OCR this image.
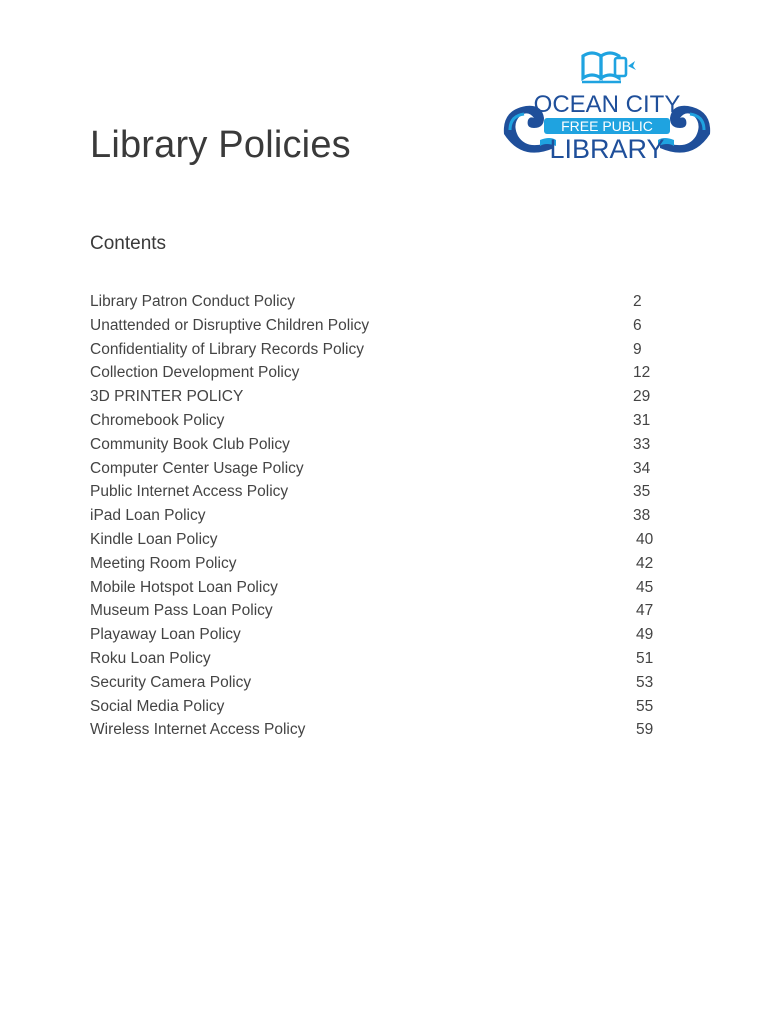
Library Policies
OCEAN CITY
FREE PUBLIC
LIBRARY
Contents
Library Patron Conduct Policy	2
Unattended or Disruptive Children Policy	6
Confidentiality of Library Records Policy	9
Collection Development Policy	12
3D PRINTER POLICY	29
Chromebook Policy	31
Community Book Club Policy	33
Computer Center Usage Policy	34
Public Internet Access Policy	35
iPad Loan Policy	38
Kindle Loan Policy	40
Meeting Room Policy	42
Mobile Hotspot Loan Policy	45
Museum Pass Loan Policy	47
Playaway Loan Policy	49
Roku Loan Policy	51
Security Camera Policy	53
Social Media Policy	55
Wireless Internet Access Policy	59
